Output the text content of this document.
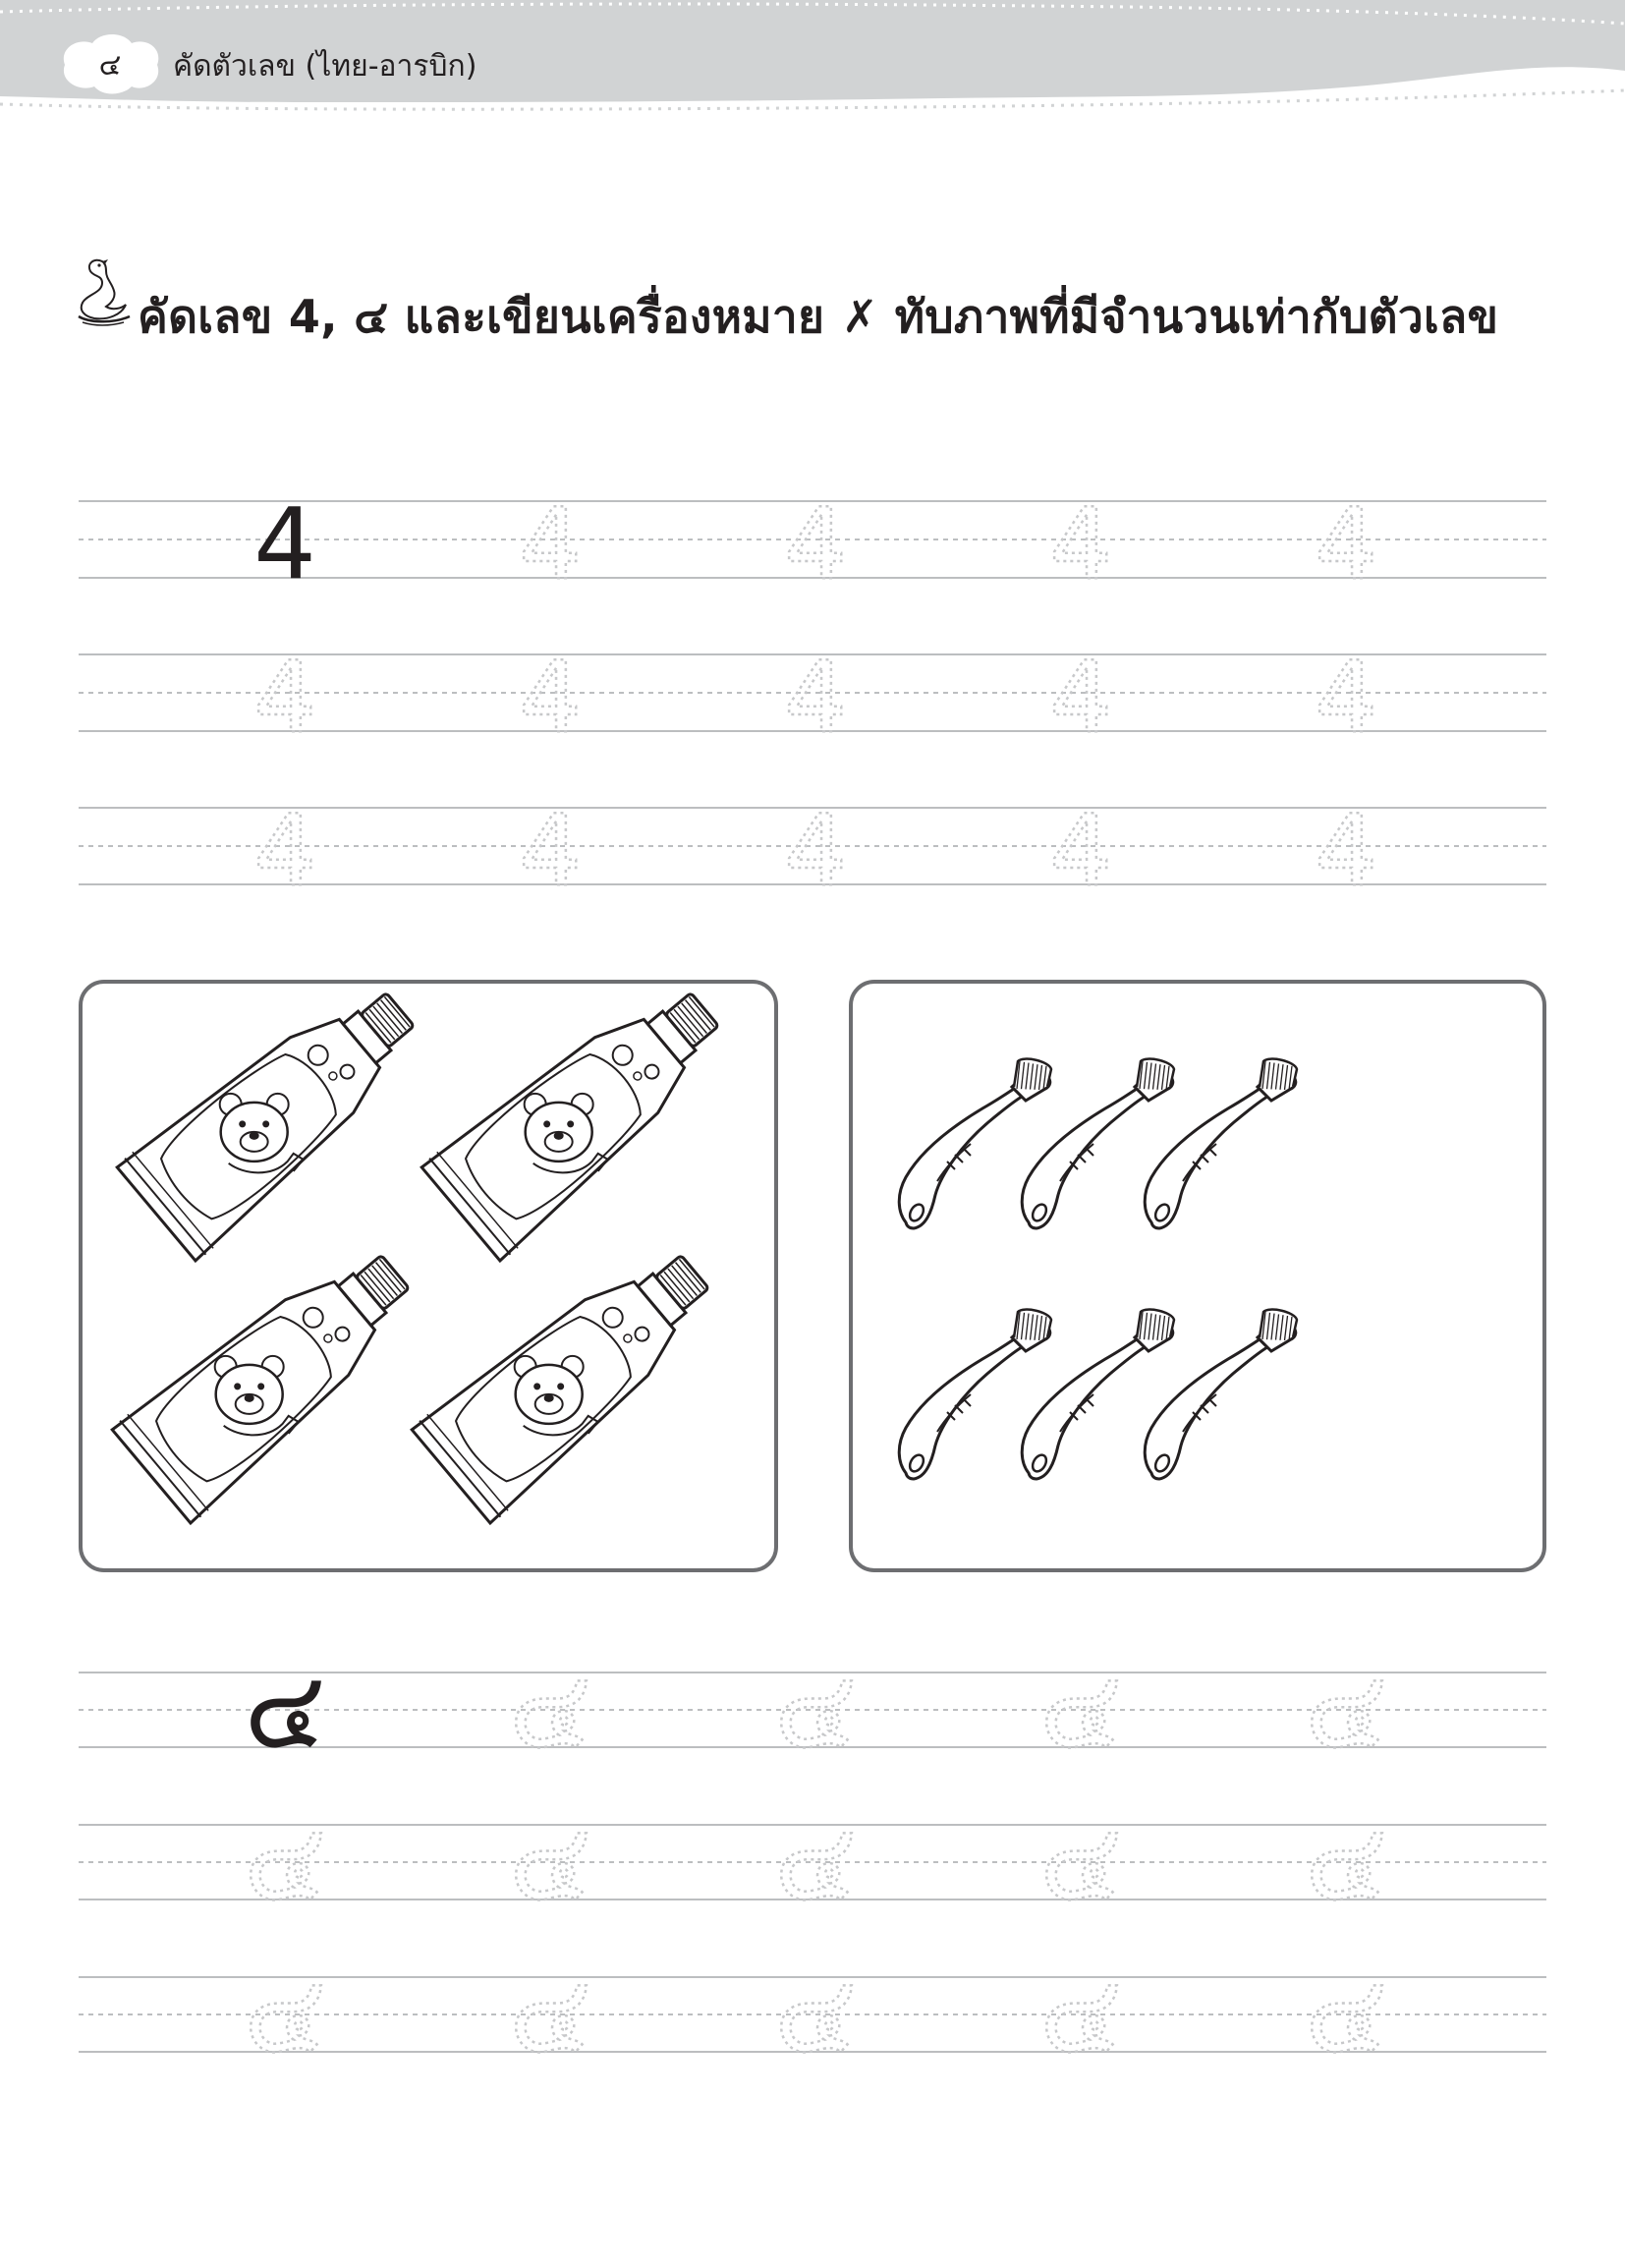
๔	คัดตัวเลข (ไทย-อารบิก)
คัดเลข 4, ๔ และเขียนเครื่องหมาย ✗ ทับภาพที่มีจำนวนเท่ากับตัวเลข
4 4 4 4 4
4 4 4 4 4
4 4 4 4 4
๔ ๔ ๔ ๔ ๔
๔ ๔ ๔ ๔ ๔
๔ ๔ ๔ ๔ ๔
